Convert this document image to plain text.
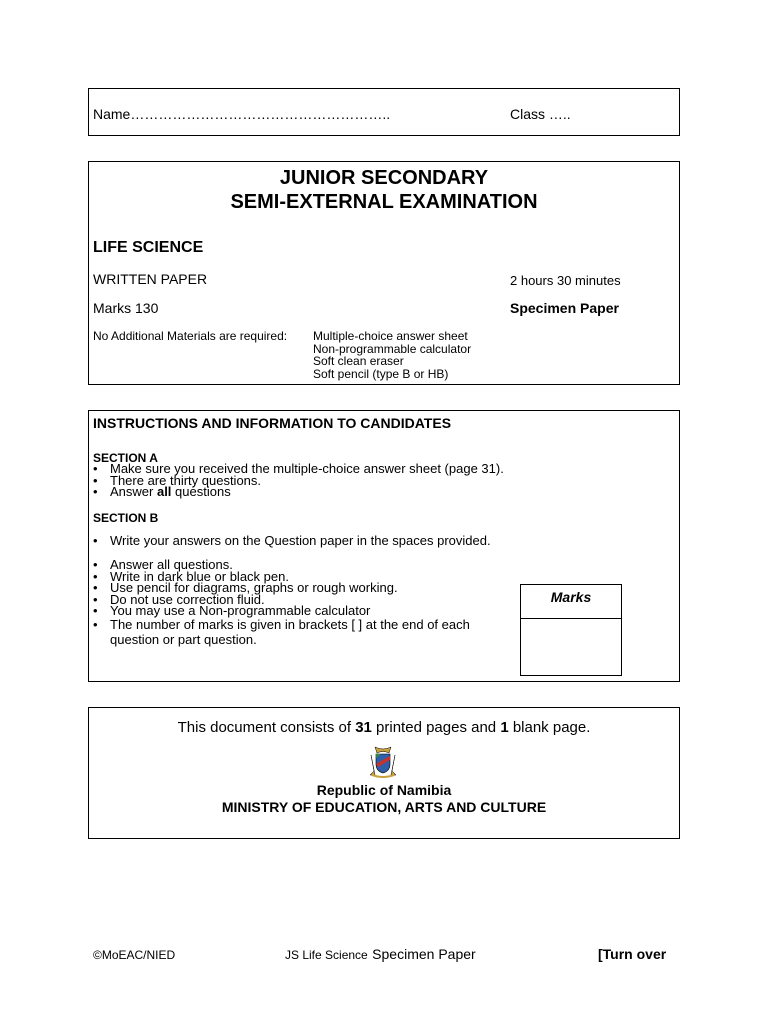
Name………………………………………………..	Class …..
JUNIOR SECONDARY
SEMI-EXTERNAL EXAMINATION
LIFE SCIENCE
WRITTEN PAPER	2 hours 30 minutes
Marks 130	Specimen Paper
No Additional Materials are required: Multiple-choice answer sheet
Non-programmable calculator
Soft clean eraser
Soft pencil (type B or HB)
INSTRUCTIONS AND INFORMATION TO CANDIDATES
SECTION A
• Make sure you received the multiple-choice answer sheet (page 31).
• There are thirty questions.
• Answer all questions
SECTION B
• Write your answers on the Question paper in the spaces provided.
• Answer all questions.
• Write in dark blue or black pen.
• Use pencil for diagrams, graphs or rough working.
• Do not use correction fluid.
• You may use a Non-programmable calculator
• The number of marks is given in brackets [ ] at the end of each
question or part question.
Marks
This document consists of 31 printed pages and 1 blank page.
Republic of Namibia
MINISTRY OF EDUCATION, ARTS AND CULTURE
©MoEAC/NIED	JS Life Science Specimen Paper	[Turn over
